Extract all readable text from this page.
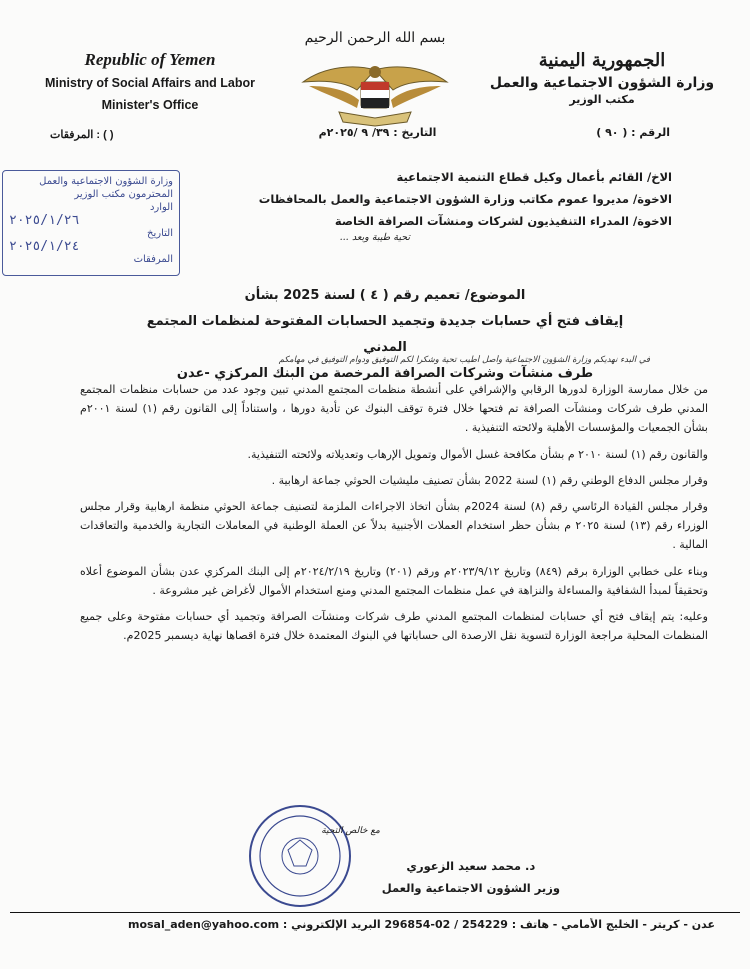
Republic of Yemen
Ministry of Social Affairs and Labor
Minister's Office
المرفقات : ( )
بسم الله الرحمن الرحيم
التاريخ : ٣٩/ ٩ /٢٠٢٥م
الجمهورية اليمنية
وزارة الشؤون الاجتماعية والعمل
مكتب الوزير
الرقم : ( ٩٠ )
وزارة الشؤون الاجتماعية والعمل
المحترمون مكتب الوزير
الوارد
٢٠٢٥/١/٢٦
التاريخ
٢٠٢٥/١/٢٤
المرفقات
الاخ/ القائم بأعمال وكيل قطاع التنمية الاجتماعية
الاخوة/ مديروا عموم مكاتب وزارة الشؤون الاجتماعية والعمل بالمحافظات
الاخوة/ المدراء التنفيذيون لشركات ومنشآت الصرافة الخاصة
تحية طيبة وبعد ...
الموضوع/ تعميم رقم ( ٤ ) لسنة 2025 بشأن
إيقاف فتح أي حسابات جديدة وتجميد الحسابات المفتوحة لمنظمات المجتمع المدني
طرف منشآت وشركات الصرافة المرخصة من البنك المركزي -عدن
في البدء نهديكم وزارة الشؤون الاجتماعية وأصل أطيب تحية وشكراً لكم التوفيق ودوام التوفيق في مهامكم

من خلال ممارسة الوزارة لدورها الرقابي والإشرافي على أنشطة منظمات المجتمع المدني تبين وجود عدد من حسابات منظمات المجتمع المدني طرف شركات ومنشآت الصرافة تم فتحها خلال فترة توقف البنوك عن تأدية دورها ، واستناداً إلى القانون رقم (١) لسنة ٢٠٠١م بشأن الجمعيات والمؤسسات الأهلية ولائحته التنفيذية .

والقانون رقم (١) لسنة ٢٠١٠ م بشأن مكافحة غسل الأموال وتمويل الإرهاب وتعديلاته ولائحته التنفيذية.

وقرار مجلس الدفاع الوطني رقم (١) لسنة 2022 بشأن تصنيف مليشيات الحوثي جماعة ارهابية .

وقرار مجلس القيادة الرئاسي رقم (٨) لسنة 2024م بشأن اتخاذ الاجراءات الملزمة لتصنيف جماعة الحوثي منظمة ارهابية وقرار مجلس الوزراء رقم (١٣) لسنة ٢٠٢٥ م بشأن حظر استخدام العملات الأجنبية بدلاً عن العملة الوطنية في المعاملات التجارية والخدمية والتعاقدات المالية .

وبناء على خطابي الوزارة برقم (٨٤٩) وتاريخ ٢٠٢٣/٩/١٢م ورقم (٢٠١) وتاريخ ٢٠٢٤/٢/١٩م إلى البنك المركزي عدن بشأن الموضوع أعلاه وتحقيقاً لمبدأ الشفافية والمساءلة والنزاهة في عمل منظمات المجتمع المدني ومنع استخدام الأموال لأغراض غير مشروعة .

وعليه: يتم إيقاف فتح أي حسابات لمنظمات المجتمع المدني طرف شركات ومنشآت الصرافة وتجميد أي حسابات مفتوحة وعلى جميع المنظمات المحلية مراجعة الوزارة لتسوية نقل الارصدة الى حساباتها في البنوك المعتمدة خلال فترة اقصاها نهاية ديسمبر 2025م.

مع خالص التحية
د. محمد سعيد الزعوري
وزير الشؤون الاجتماعية والعمل
عدن - كريتر - الخليج الأمامي - هاتف : 254229 / 02-296854 البريد الإلكتروني : mosal_aden@yahoo.com
